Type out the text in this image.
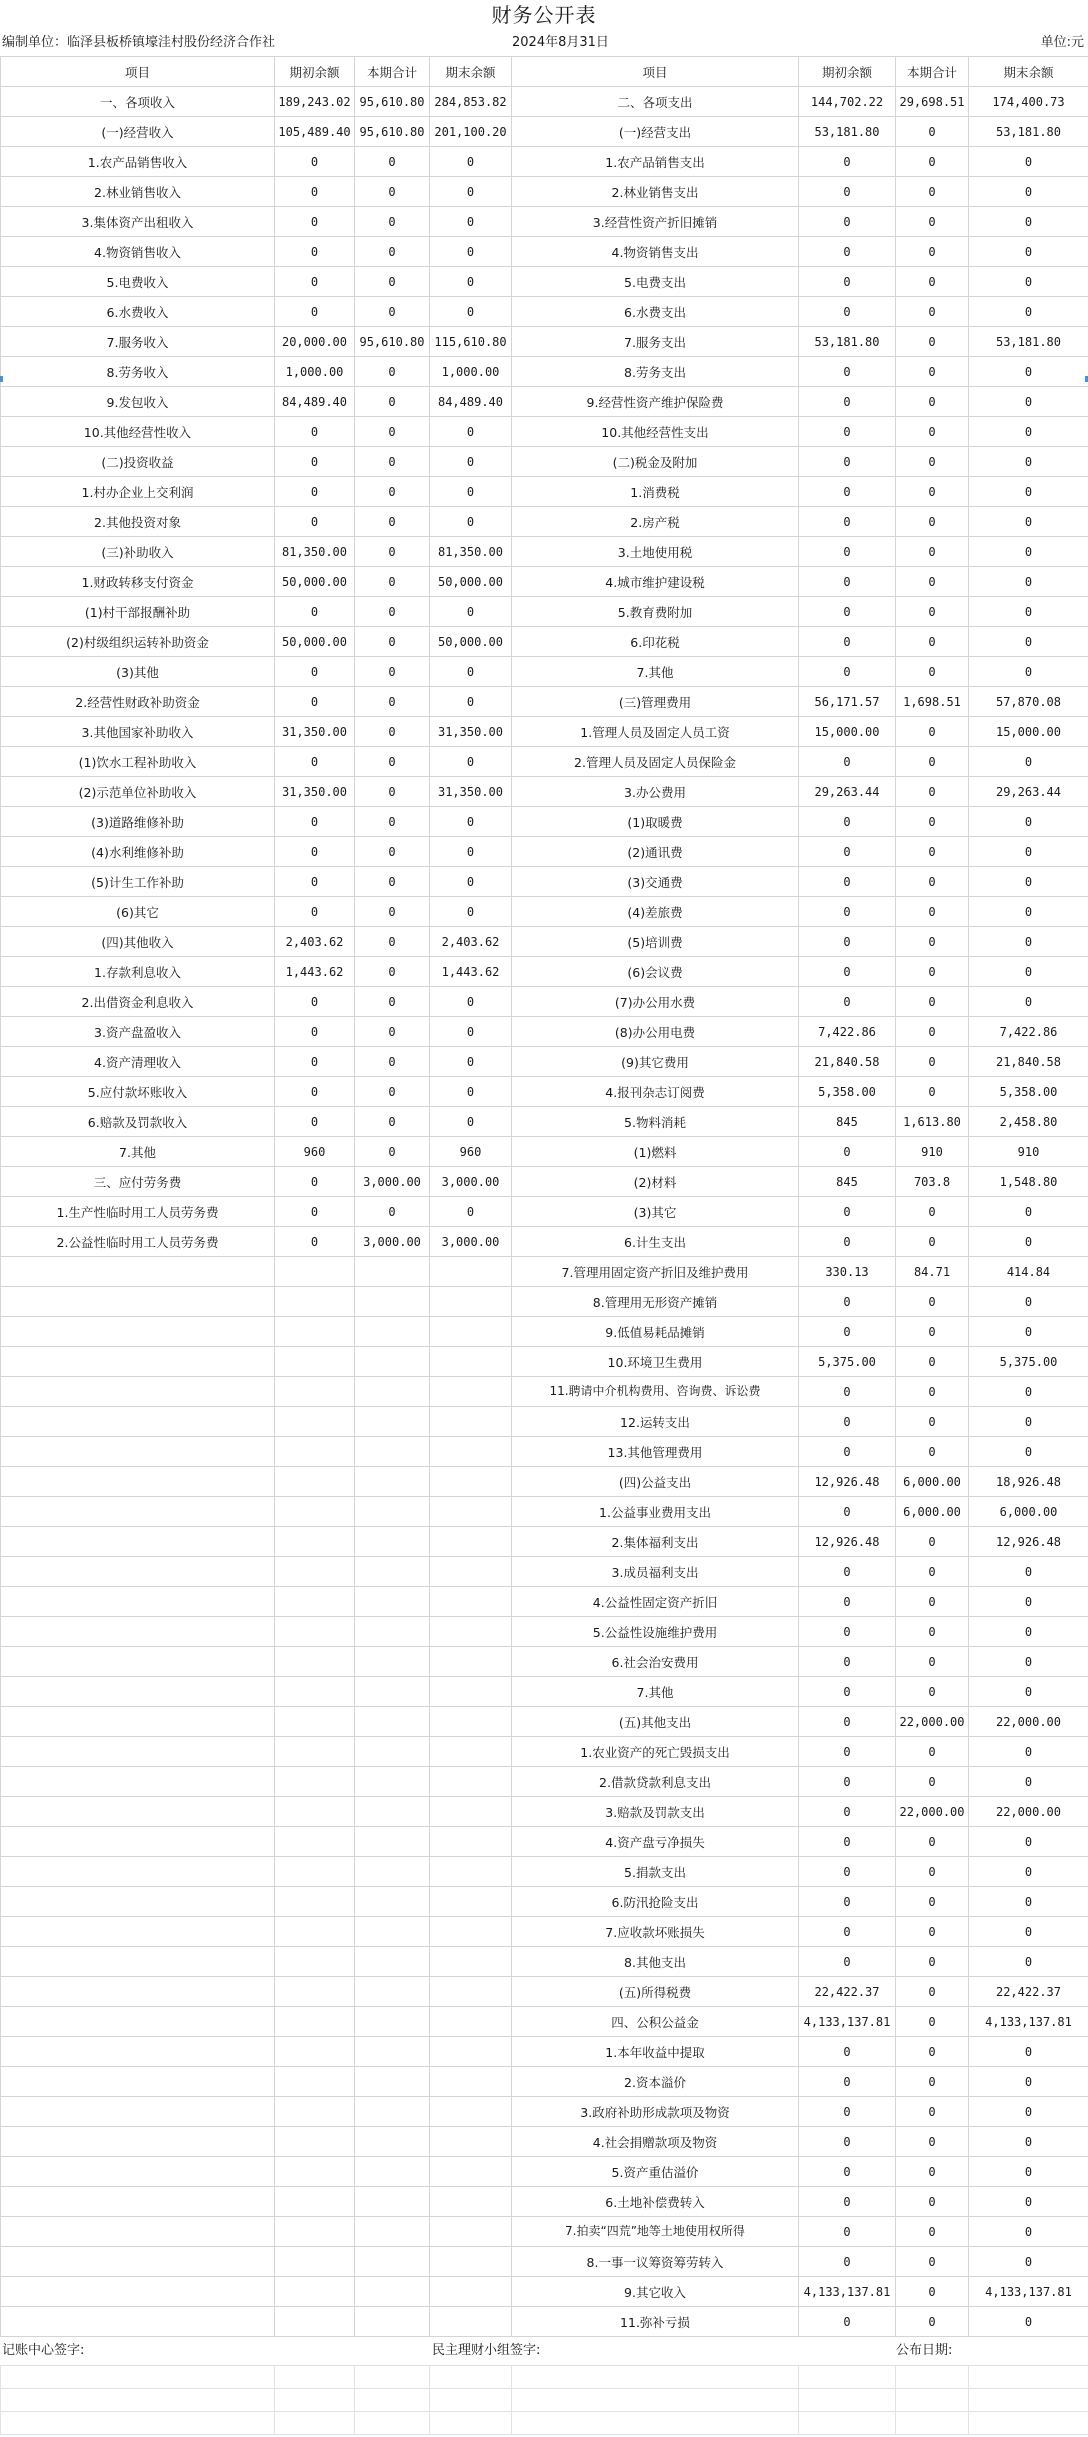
财务公开表
编制单位：临泽县板桥镇壕洼村股份经济合作社	2024年8月31日	单位:元
项目	期初余额	本期合计	期末余额	项目	期初余额	本期合计	期末余额
一、各项收入	189,243.02	95,610.80	284,853.82	二、各项支出	144,702.22	29,698.51	174,400.73
(一)经营收入	105,489.40	95,610.80	201,100.20	(一)经营支出	53,181.80	0	53,181.80
1.农产品销售收入	0	0	0	1.农产品销售支出	0	0	0
2.林业销售收入	0	0	0	2.林业销售支出	0	0	0
3.集体资产出租收入	0	0	0	3.经营性资产折旧摊销	0	0	0
4.物资销售收入	0	0	0	4.物资销售支出	0	0	0
5.电费收入	0	0	0	5.电费支出	0	0	0
6.水费收入	0	0	0	6.水费支出	0	0	0
7.服务收入	20,000.00	95,610.80	115,610.80	7.服务支出	53,181.80	0	53,181.80
8.劳务收入	1,000.00	0	1,000.00	8.劳务支出	0	0	0
9.发包收入	84,489.40	0	84,489.40	9.经营性资产维护保险费	0	0	0
10.其他经营性收入	0	0	0	10.其他经营性支出	0	0	0
(二)投资收益	0	0	0	(二)税金及附加	0	0	0
1.村办企业上交利润	0	0	0	1.消费税	0	0	0
2.其他投资对象	0	0	0	2.房产税	0	0	0
(三)补助收入	81,350.00	0	81,350.00	3.土地使用税	0	0	0
1.财政转移支付资金	50,000.00	0	50,000.00	4.城市维护建设税	0	0	0
(1)村干部报酬补助	0	0	0	5.教育费附加	0	0	0
(2)村级组织运转补助资金	50,000.00	0	50,000.00	6.印花税	0	0	0
(3)其他	0	0	0	7.其他	0	0	0
2.经营性财政补助资金	0	0	0	(三)管理费用	56,171.57	1,698.51	57,870.08
3.其他国家补助收入	31,350.00	0	31,350.00	1.管理人员及固定人员工资	15,000.00	0	15,000.00
(1)饮水工程补助收入	0	0	0	2.管理人员及固定人员保险金	0	0	0
(2)示范单位补助收入	31,350.00	0	31,350.00	3.办公费用	29,263.44	0	29,263.44
(3)道路维修补助	0	0	0	(1)取暖费	0	0	0
(4)水利维修补助	0	0	0	(2)通讯费	0	0	0
(5)计生工作补助	0	0	0	(3)交通费	0	0	0
(6)其它	0	0	0	(4)差旅费	0	0	0
(四)其他收入	2,403.62	0	2,403.62	(5)培训费	0	0	0
1.存款利息收入	1,443.62	0	1,443.62	(6)会议费	0	0	0
2.出借资金利息收入	0	0	0	(7)办公用水费	0	0	0
3.资产盘盈收入	0	0	0	(8)办公用电费	7,422.86	0	7,422.86
4.资产清理收入	0	0	0	(9)其它费用	21,840.58	0	21,840.58
5.应付款坏账收入	0	0	0	4.报刊杂志订阅费	5,358.00	0	5,358.00
6.赔款及罚款收入	0	0	0	5.物料消耗	845	1,613.80	2,458.80
7.其他	960	0	960	(1)燃料	0	910	910
三、应付劳务费	0	3,000.00	3,000.00	(2)材料	845	703.8	1,548.80
1.生产性临时用工人员劳务费	0	0	0	(3)其它	0	0	0
2.公益性临时用工人员劳务费	0	3,000.00	3,000.00	6.计生支出	0	0	0
				7.管理用固定资产折旧及维护费用	330.13	84.71	414.84
				8.管理用无形资产摊销	0	0	0
				9.低值易耗品摊销	0	0	0
				10.环境卫生费用	5,375.00	0	5,375.00
				11.聘请中介机构费用、咨询费、诉讼费	0	0	0
				12.运转支出	0	0	0
				13.其他管理费用	0	0	0
				(四)公益支出	12,926.48	6,000.00	18,926.48
				1.公益事业费用支出	0	6,000.00	6,000.00
				2.集体福利支出	12,926.48	0	12,926.48
				3.成员福利支出	0	0	0
				4.公益性固定资产折旧	0	0	0
				5.公益性设施维护费用	0	0	0
				6.社会治安费用	0	0	0
				7.其他	0	0	0
				(五)其他支出	0	22,000.00	22,000.00
				1.农业资产的死亡毁损支出	0	0	0
				2.借款贷款利息支出	0	0	0
				3.赔款及罚款支出	0	22,000.00	22,000.00
				4.资产盘亏净损失	0	0	0
				5.捐款支出	0	0	0
				6.防汛抢险支出	0	0	0
				7.应收款坏账损失	0	0	0
				8.其他支出	0	0	0
				(五)所得税费	22,422.37	0	22,422.37
				四、公积公益金	4,133,137.81	0	4,133,137.81
				1.本年收益中提取	0	0	0
				2.资本溢价	0	0	0
				3.政府补助形成款项及物资	0	0	0
				4.社会捐赠款项及物资	0	0	0
				5.资产重估溢价	0	0	0
				6.土地补偿费转入	0	0	0
				7.拍卖“四荒”地等土地使用权所得	0	0	0
				8.一事一议筹资筹劳转入	0	0	0
				9.其它收入	4,133,137.81	0	4,133,137.81
				11.弥补亏损	0	0	0
记账中心签字:	民主理财小组签字:	公布日期:
